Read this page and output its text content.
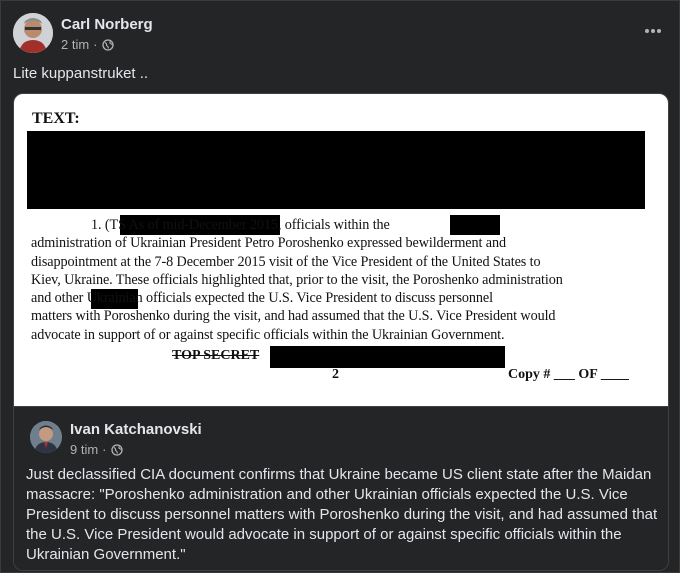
Carl Norberg
2 tim ·
Lite kuppanstruket ..
TEXT:
1. (TS As of mid-December 2015, officials within the
administration of Ukrainian President Petro Poroshenko expressed bewilderment and
disappointment at the 7-8 December 2015 visit of the Vice President of the United States to
Kiev, Ukraine. These officials highlighted that, prior to the visit, the Poroshenko administration
and other Ukrainian officials expected the U.S. Vice President to discuss personnel
matters with Poroshenko during the visit, and had assumed that the U.S. Vice President would
advocate in support of or against specific officials within the Ukrainian Government.
TOP SECRET
2	Copy # ___ OF ____
Ivan Katchanovski
9 tim ·
Just declassified CIA document confirms that Ukraine became US client state after the Maidan massacre: "Poroshenko administration and other Ukrainian officials expected the U.S. Vice President to discuss personnel matters with Poroshenko during the visit, and had assumed that the U.S. Vice President would advocate in support of or against specific officials within the Ukrainian Government."
